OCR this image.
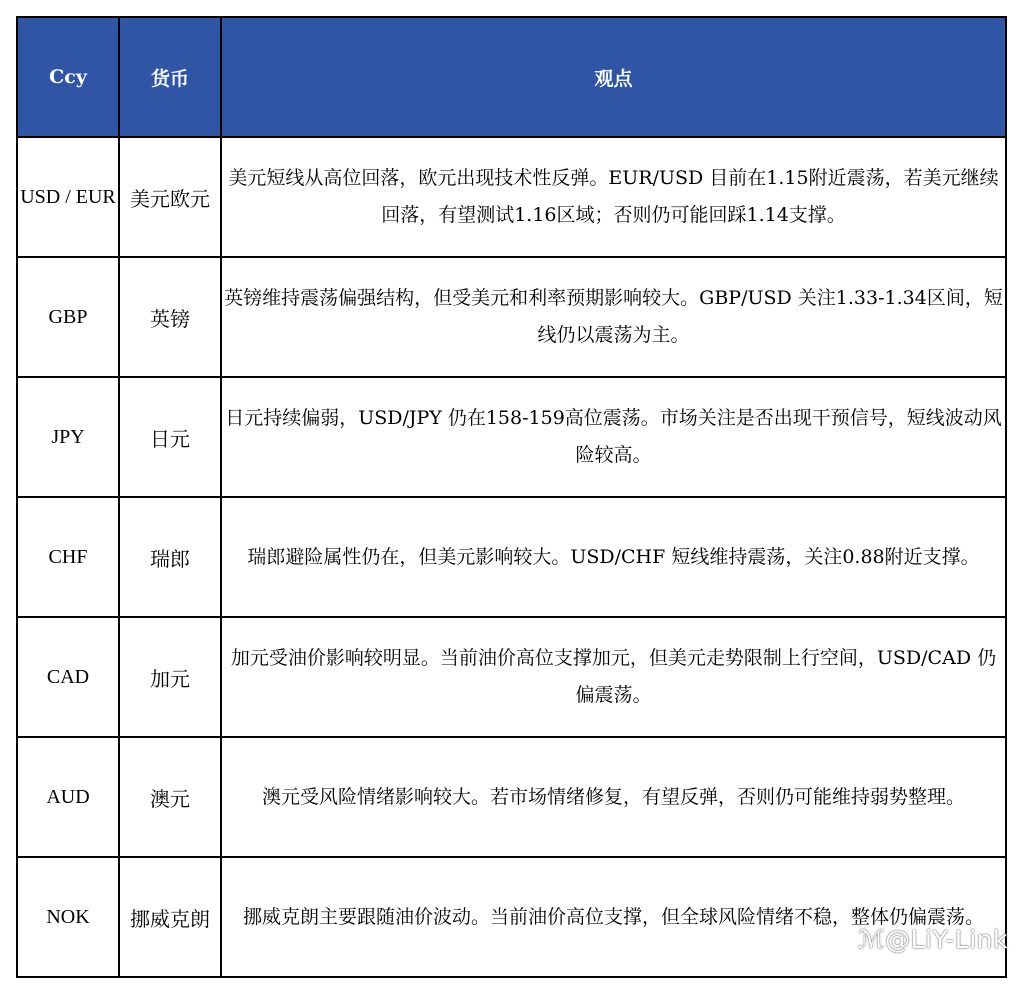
Ccy	货币	观点
USD / EUR	美元欧元	美元短线从高位回落，欧元出现技术性反弹。EUR/USD 目前在1.15附近震荡，若美元继续回落，有望测试1.16区域；否则仍可能回踩1.14支撑。
GBP	英镑	英镑维持震荡偏强结构，但受美元和利率预期影响较大。GBP/USD 关注1.33-1.34区间，短线仍以震荡为主。
JPY	日元	日元持续偏弱，USD/JPY 仍在158-159高位震荡。市场关注是否出现干预信号，短线波动风险较高。
CHF	瑞郎	瑞郎避险属性仍在，但美元影响较大。USD/CHF 短线维持震荡，关注0.88附近支撑。
CAD	加元	加元受油价影响较明显。当前油价高位支撑加元，但美元走势限制上行空间，USD/CAD 仍偏震荡。
AUD	澳元	澳元受风险情绪影响较大。若市场情绪修复，有望反弹，否则仍可能维持弱势整理。
NOK	挪威克朗	挪威克朗主要跟随油价波动。当前油价高位支撑，但全球风险情绪不稳，整体仍偏震荡。
ℳ@LiY-Link
